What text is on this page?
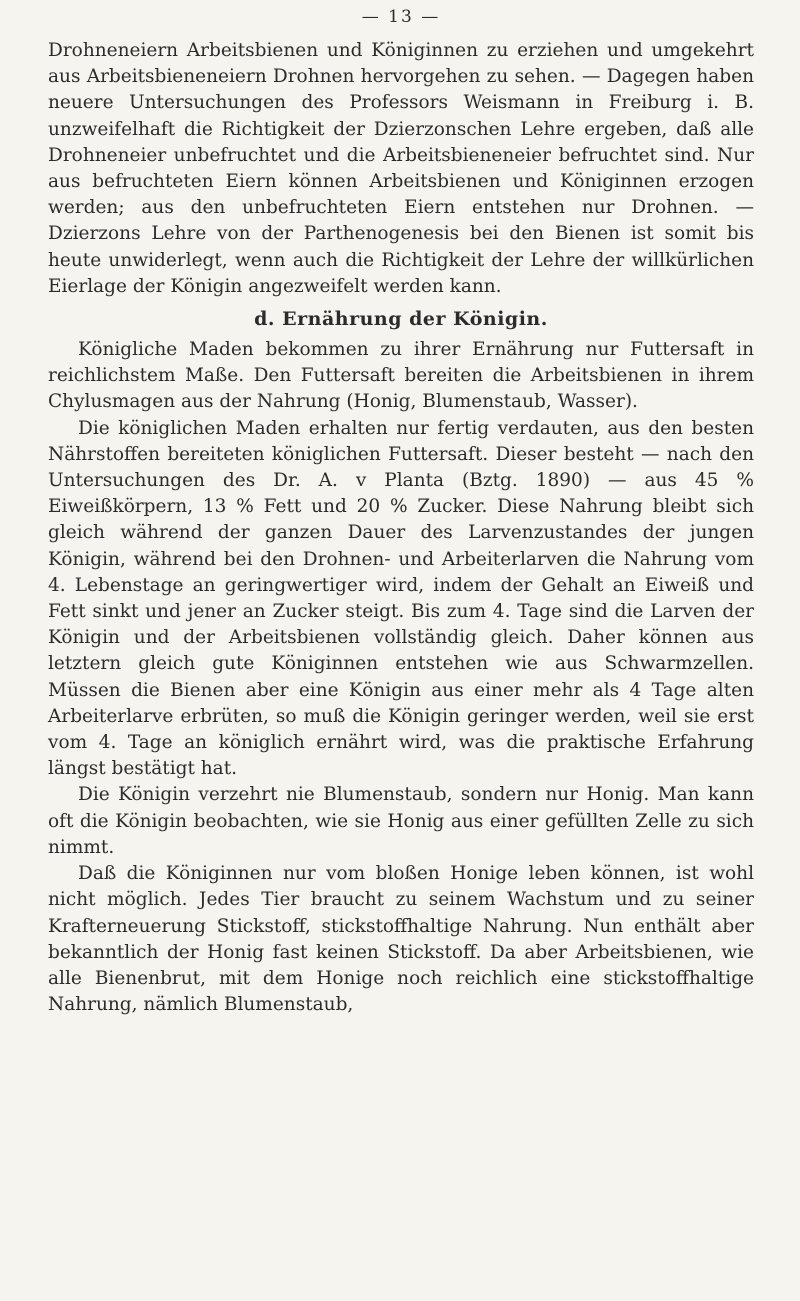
— 13 —

Drohneneiern Arbeitsbienen und Königinnen zu erziehen und umgekehrt aus Arbeitsbieneneiern Drohnen hervorgehen zu sehen. — Dagegen haben neuere Untersuchungen des Professors Weismann in Freiburg i. B. unzweifelhaft die Richtigkeit der Dzierzonschen Lehre ergeben, daß alle Drohneneier unbefruchtet und die Arbeitsbieneneier befruchtet sind. Nur aus befruchteten Eiern können Arbeitsbienen und Königinnen erzogen werden; aus den unbefruchteten Eiern entstehen nur Drohnen. — Dzierzons Lehre von der Parthenogenesis bei den Bienen ist somit bis heute unwiderlegt, wenn auch die Richtigkeit der Lehre der willkürlichen Eierlage der Königin angezweifelt werden kann.

d. Ernährung der Königin.

Königliche Maden bekommen zu ihrer Ernährung nur Futtersaft in reichlichstem Maße. Den Futtersaft bereiten die Arbeitsbienen in ihrem Chylusmagen aus der Nahrung (Honig, Blumenstaub, Wasser).

Die königlichen Maden erhalten nur fertig verdauten, aus den besten Nährstoffen bereiteten königlichen Futtersaft. Dieser besteht — nach den Untersuchungen des Dr. A. v Planta (Bztg. 1890) — aus 45 % Eiweißkörpern, 13 % Fett und 20 % Zucker. Diese Nahrung bleibt sich gleich während der ganzen Dauer des Larvenzustandes der jungen Königin, während bei den Drohnen- und Arbeiterlarven die Nahrung vom 4. Lebenstage an geringwertiger wird, indem der Gehalt an Eiweiß und Fett sinkt und jener an Zucker steigt. Bis zum 4. Tage sind die Larven der Königin und der Arbeitsbienen vollständig gleich. Daher können aus letztern gleich gute Königinnen entstehen wie aus Schwarmzellen. Müssen die Bienen aber eine Königin aus einer mehr als 4 Tage alten Arbeiterlarve erbrüten, so muß die Königin geringer werden, weil sie erst vom 4. Tage an königlich ernährt wird, was die praktische Erfahrung längst bestätigt hat.

Die Königin verzehrt nie Blumenstaub, sondern nur Honig. Man kann oft die Königin beobachten, wie sie Honig aus einer gefüllten Zelle zu sich nimmt.

Daß die Königinnen nur vom bloßen Honige leben können, ist wohl nicht möglich. Jedes Tier braucht zu seinem Wachstum und zu seiner Krafterneuerung Stickstoff, stickstoffhaltige Nahrung. Nun enthält aber bekanntlich der Honig fast keinen Stickstoff. Da aber Arbeitsbienen, wie alle Bienenbrut, mit dem Honige noch reichlich eine stickstoffhaltige Nahrung, nämlich Blumenstaub,
